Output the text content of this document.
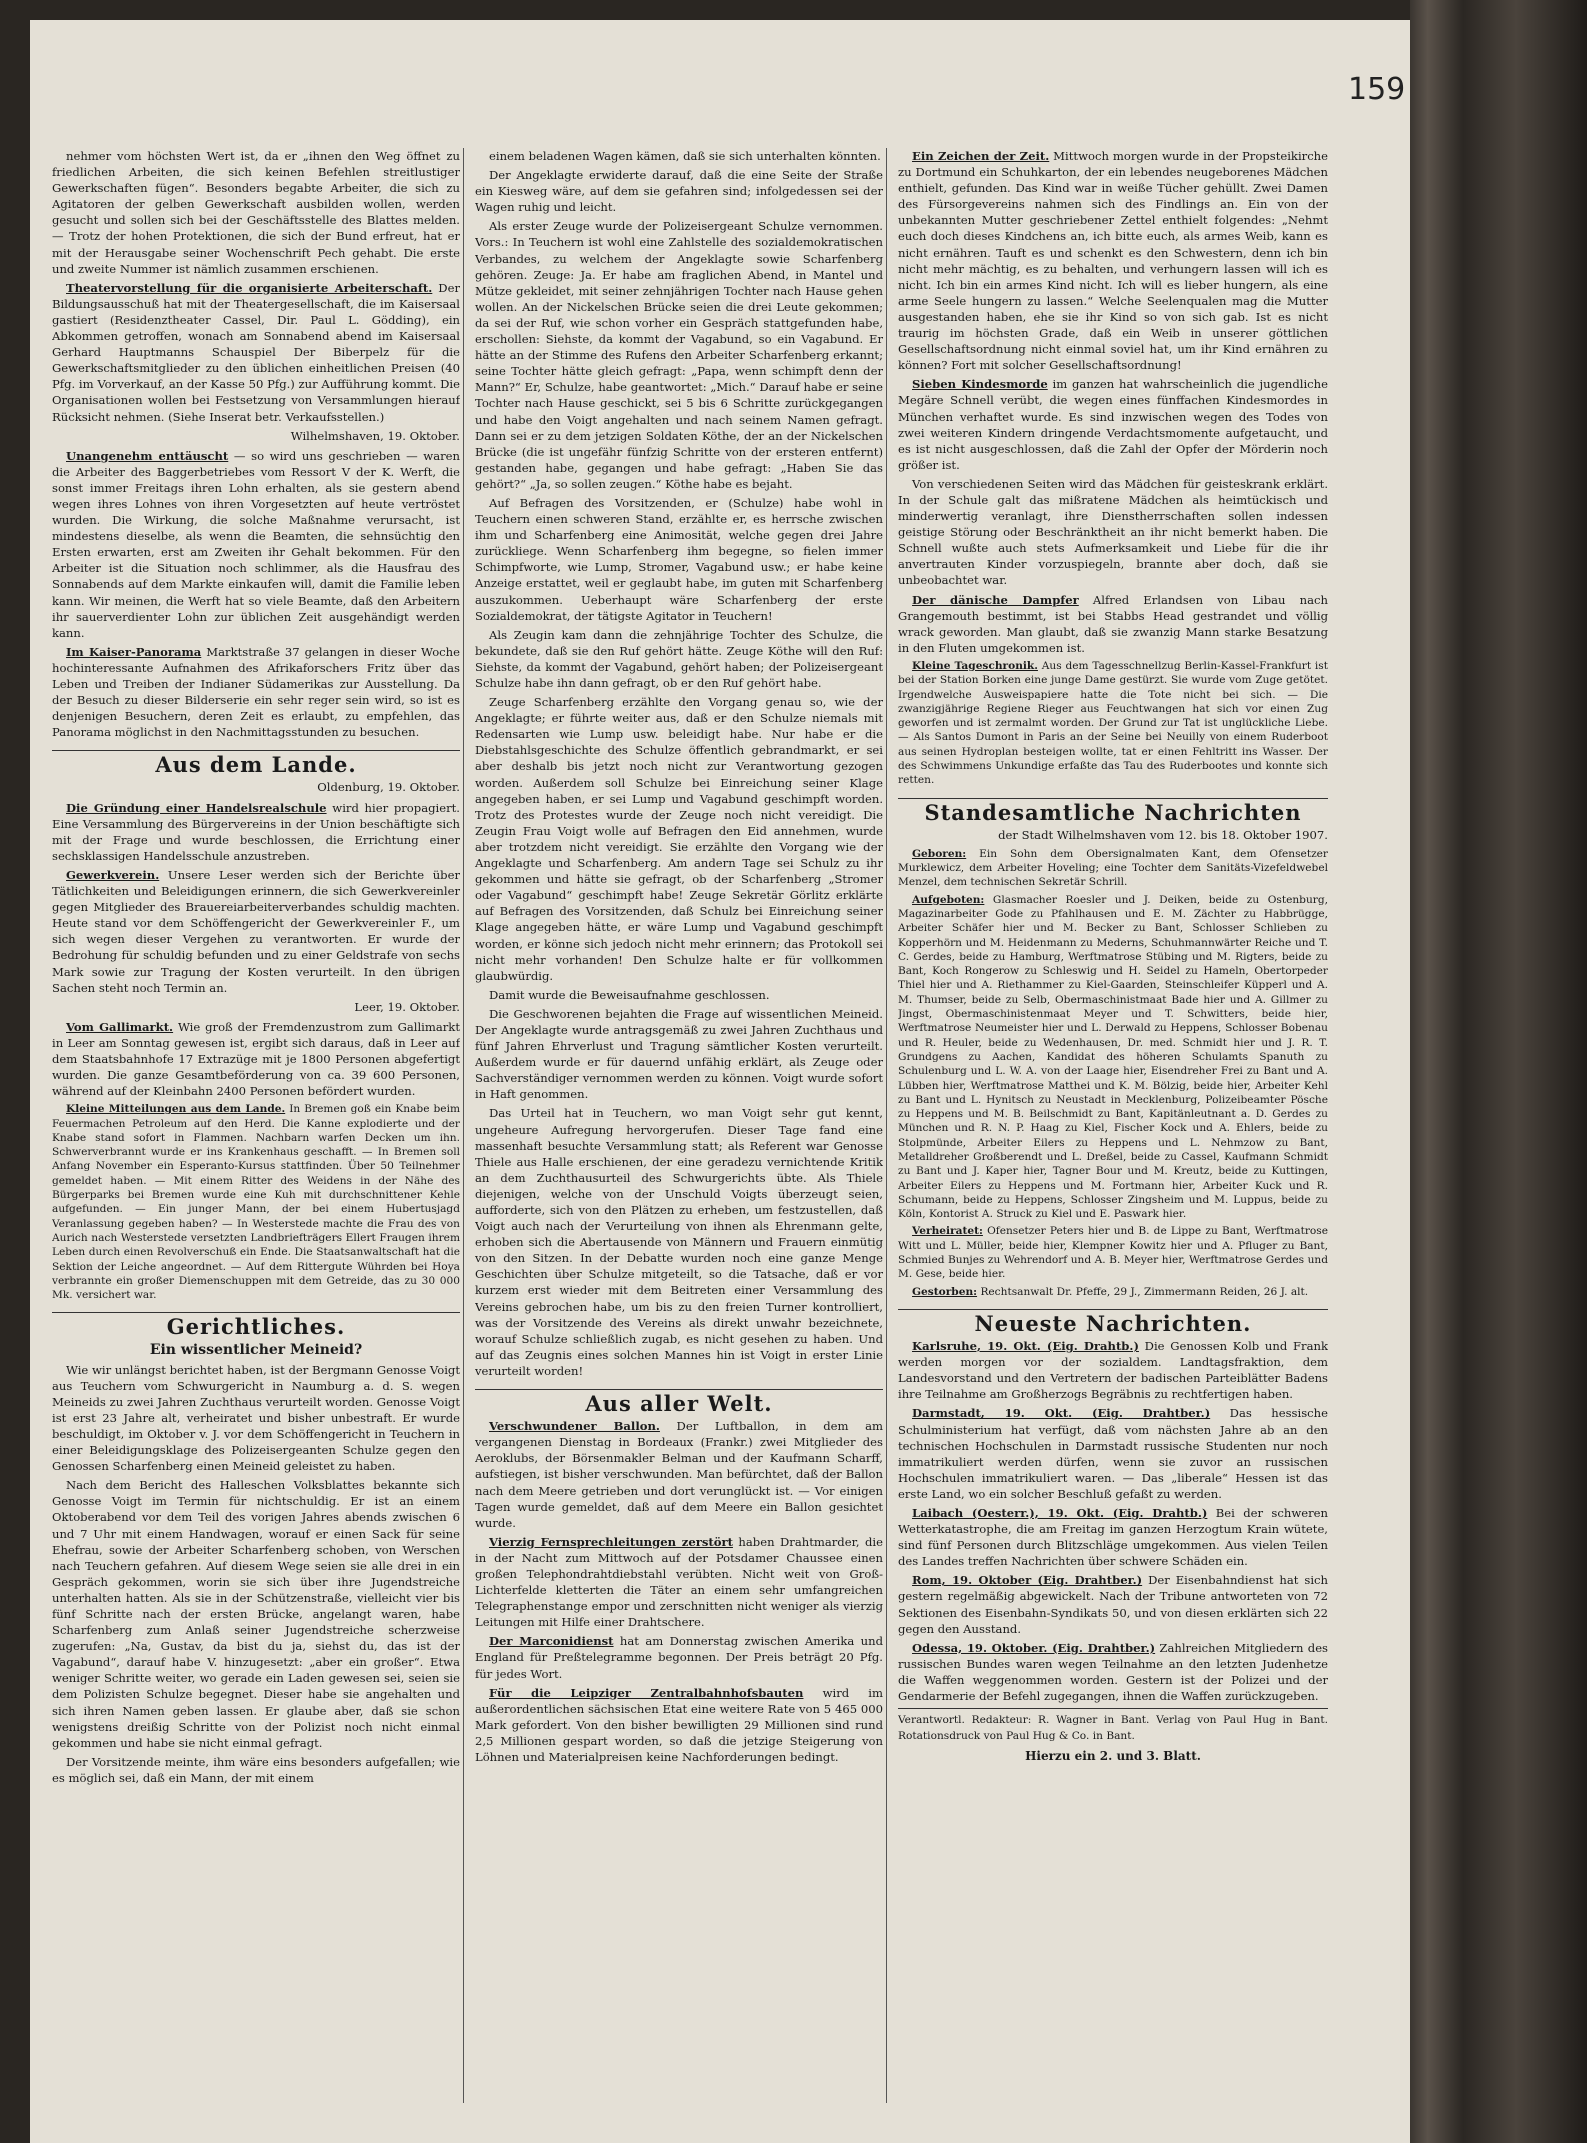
159

nehmer vom höchsten Wert ist, da er „ihnen den Weg öffnet zu friedlichen Arbeiten, die sich keinen Befehlen streitlustiger Gewerkschaften fügen“. Besonders begabte Arbeiter, die sich zu Agitatoren der gelben Gewerkschaft ausbilden wollen, werden gesucht und sollen sich bei der Geschäftsstelle des Blattes melden. — Trotz der hohen Protektionen, die sich der Bund erfreut, hat er mit der Herausgabe seiner Wochenschrift Pech gehabt. Die erste und zweite Nummer ist nämlich zusammen erschienen.

Theatervorstellung für die organisierte Arbeiterschaft. Der Bildungsausschuß hat mit der Theatergesellschaft, die im Kaisersaal gastiert (Residenztheater Cassel, Dir. Paul L. Gödding), ein Abkommen getroffen, wonach am Sonnabend abend im Kaisersaal Gerhard Hauptmanns Schauspiel Der Biberpelz für die Gewerkschaftsmitglieder zu den üblichen einheitlichen Preisen (40 Pfg. im Vorverkauf, an der Kasse 50 Pfg.) zur Aufführung kommt. Die Organisationen wollen bei Festsetzung von Versammlungen hierauf Rücksicht nehmen. (Siehe Inserat betr. Verkaufsstellen.)

Wilhelmshaven, 19. Oktober.

Unangenehm enttäuscht — so wird uns geschrieben — waren die Arbeiter des Baggerbetriebes vom Ressort V der K. Werft, die sonst immer Freitags ihren Lohn erhalten, als sie gestern abend wegen ihres Lohnes von ihren Vorgesetzten auf heute vertröstet wurden. Die Wirkung, die solche Maßnahme verursacht, ist mindestens dieselbe, als wenn die Beamten, die sehnsüchtig den Ersten erwarten, erst am Zweiten ihr Gehalt bekommen. Für den Arbeiter ist die Situation noch schlimmer, als die Hausfrau des Sonnabends auf dem Markte einkaufen will, damit die Familie leben kann. Wir meinen, die Werft hat so viele Beamte, daß den Arbeitern ihr sauerverdienter Lohn zur üblichen Zeit ausgehändigt werden kann.

Im Kaiser-Panorama Marktstraße 37 gelangen in dieser Woche hochinteressante Aufnahmen des Afrikaforschers Fritz über das Leben und Treiben der Indianer Südamerikas zur Ausstellung. Da der Besuch zu dieser Bilderserie ein sehr reger sein wird, so ist es denjenigen Besuchern, deren Zeit es erlaubt, zu empfehlen, das Panorama möglichst in den Nachmittagsstunden zu besuchen.

Aus dem Lande.
Oldenburg, 19. Oktober.

Die Gründung einer Handelsrealschule wird hier propagiert. Eine Versammlung des Bürgervereins in der Union beschäftigte sich mit der Frage und wurde beschlossen, die Errichtung einer sechsklassigen Handelsschule anzustreben.

Gewerkverein. Unsere Leser werden sich der Berichte über Tätlichkeiten und Beleidigungen erinnern, die sich Gewerkvereinler gegen Mitglieder des Brauereiarbeiterverbandes schuldig machten. Heute stand vor dem Schöffengericht der Gewerkvereinler F., um sich wegen dieser Vergehen zu verantworten. Er wurde der Bedrohung für schuldig befunden und zu einer Geldstrafe von sechs Mark sowie zur Tragung der Kosten verurteilt. In den übrigen Sachen steht noch Termin an.

Leer, 19. Oktober.

Vom Gallimarkt. Wie groß der Fremdenzustrom zum Gallimarkt in Leer am Sonntag gewesen ist, ergibt sich daraus, daß in Leer auf dem Staatsbahnhofe 17 Extrazüge mit je 1800 Personen abgefertigt wurden. Die ganze Gesamtbeförderung von ca. 39 600 Personen, während auf der Kleinbahn 2400 Personen befördert wurden.

Kleine Mitteilungen aus dem Lande. In Bremen goß ein Knabe beim Feuermachen Petroleum auf den Herd. Die Kanne explodierte und der Knabe stand sofort in Flammen. Nachbarn warfen Decken um ihn. Schwerverbrannt wurde er ins Krankenhaus geschafft. — In Bremen soll Anfang November ein Esperanto-Kursus stattfinden. Über 50 Teilnehmer gemeldet haben. — Mit einem Ritter des Weidens in der Nähe des Bürgerparks bei Bremen wurde eine Kuh mit durchschnittener Kehle aufgefunden. — Ein junger Mann, der bei einem Hubertusjagd Veranlassung gegeben haben? — In Westerstede machte die Frau des von Aurich nach Westerstede versetzten Landbriefträgers Ellert Fraugen ihrem Leben durch einen Revolverschuß ein Ende. Die Staatsanwaltschaft hat die Sektion der Leiche angeordnet. — Auf dem Rittergute Wührden bei Hoya verbrannte ein großer Diemenschuppen mit dem Getreide, das zu 30 000 Mk. versichert war.

Gerichtliches.
Ein wissentlicher Meineid?

Wie wir unlängst berichtet haben, ist der Bergmann Genosse Voigt aus Teuchern vom Schwurgericht in Naumburg a. d. S. wegen Meineids zu zwei Jahren Zuchthaus verurteilt worden. Genosse Voigt ist erst 23 Jahre alt, verheiratet und bisher unbestraft. Er wurde beschuldigt, im Oktober v. J. vor dem Schöffengericht in Teuchern in einer Beleidigungsklage des Polizeisergeanten Schulze gegen den Genossen Scharfenberg einen Meineid geleistet zu haben.

Nach dem Bericht des Halleschen Volksblattes bekannte sich Genosse Voigt im Termin für nichtschuldig. Er ist an einem Oktoberabend vor dem Teil des vorigen Jahres abends zwischen 6 und 7 Uhr mit einem Handwagen, worauf er einen Sack für seine Ehefrau, sowie der Arbeiter Scharfenberg schoben, von Werschen nach Teuchern gefahren. Auf diesem Wege seien sie alle drei in ein Gespräch gekommen, worin sie sich über ihre Jugendstreiche unterhalten hatten. Als sie in der Schützenstraße, vielleicht vier bis fünf Schritte nach der ersten Brücke, angelangt waren, habe Scharfenberg zum Anlaß seiner Jugendstreiche scherzweise zugerufen: „Na, Gustav, da bist du ja, siehst du, das ist der Vagabund“, darauf habe V. hinzugesetzt: „aber ein großer“. Etwa weniger Schritte weiter, wo gerade ein Laden gewesen sei, seien sie dem Polizisten Schulze begegnet. Dieser habe sie angehalten und sich ihren Namen geben lassen. Er glaube aber, daß sie schon wenigstens dreißig Schritte von der Polizist noch nicht einmal gekommen und habe sie nicht einmal gefragt.

Der Vorsitzende meinte, ihm wäre eins besonders aufgefallen; wie es möglich sei, daß ein Mann, der mit einem

einem beladenen Wagen kämen, daß sie sich unterhalten könnten.

Der Angeklagte erwiderte darauf, daß die eine Seite der Straße ein Kiesweg wäre, auf dem sie gefahren sind; infolgedessen sei der Wagen ruhig und leicht.

Als erster Zeuge wurde der Polizeisergeant Schulze vernommen. Vors.: In Teuchern ist wohl eine Zahlstelle des sozialdemokratischen Verbandes, zu welchem der Angeklagte sowie Scharfenberg gehören. Zeuge: Ja. Er habe am fraglichen Abend, in Mantel und Mütze gekleidet, mit seiner zehnjährigen Tochter nach Hause gehen wollen. An der Nickelschen Brücke seien die drei Leute gekommen; da sei der Ruf, wie schon vorher ein Gespräch stattgefunden habe, erschollen: Siehste, da kommt der Vagabund, so ein Vagabund. Er hätte an der Stimme des Rufens den Arbeiter Scharfenberg erkannt; seine Tochter hätte gleich gefragt: „Papa, wenn schimpft denn der Mann?“ Er, Schulze, habe geantwortet: „Mich.“ Darauf habe er seine Tochter nach Hause geschickt, sei 5 bis 6 Schritte zurückgegangen und habe den Voigt angehalten und nach seinem Namen gefragt. Dann sei er zu dem jetzigen Soldaten Köthe, der an der Nickelschen Brücke (die ist ungefähr fünfzig Schritte von der ersteren entfernt) gestanden habe, gegangen und habe gefragt: „Haben Sie das gehört?“ „Ja, so sollen zeugen.“ Köthe habe es bejaht.

Auf Befragen des Vorsitzenden, er (Schulze) habe wohl in Teuchern einen schweren Stand, erzählte er, es herrsche zwischen ihm und Scharfenberg eine Animosität, welche gegen drei Jahre zurückliege. Wenn Scharfenberg ihm begegne, so fielen immer Schimpfworte, wie Lump, Stromer, Vagabund usw.; er habe keine Anzeige erstattet, weil er geglaubt habe, im guten mit Scharfenberg auszukommen. Ueberhaupt wäre Scharfenberg der erste Sozialdemokrat, der tätigste Agitator in Teuchern!

Als Zeugin kam dann die zehnjährige Tochter des Schulze, die bekundete, daß sie den Ruf gehört hätte. Zeuge Köthe will den Ruf: Siehste, da kommt der Vagabund, gehört haben; der Polizeisergeant Schulze habe ihn dann gefragt, ob er den Ruf gehört habe.

Zeuge Scharfenberg erzählte den Vorgang genau so, wie der Angeklagte; er führte weiter aus, daß er den Schulze niemals mit Redensarten wie Lump usw. beleidigt habe. Nur habe er die Diebstahlsgeschichte des Schulze öffentlich gebrandmarkt, er sei aber deshalb bis jetzt noch nicht zur Verantwortung gezogen worden. Außerdem soll Schulze bei Einreichung seiner Klage angegeben haben, er sei Lump und Vagabund geschimpft worden. Trotz des Protestes wurde der Zeuge noch nicht vereidigt. Die Zeugin Frau Voigt wolle auf Befragen den Eid annehmen, wurde aber trotzdem nicht vereidigt. Sie erzählte den Vorgang wie der Angeklagte und Scharfenberg. Am andern Tage sei Schulz zu ihr gekommen und hätte sie gefragt, ob der Scharfenberg „Stromer oder Vagabund“ geschimpft habe! Zeuge Sekretär Görlitz erklärte auf Befragen des Vorsitzenden, daß Schulz bei Einreichung seiner Klage angegeben hätte, er wäre Lump und Vagabund geschimpft worden, er könne sich jedoch nicht mehr erinnern; das Protokoll sei nicht mehr vorhanden! Den Schulze halte er für vollkommen glaubwürdig.

Damit wurde die Beweisaufnahme geschlossen.

Die Geschworenen bejahten die Frage auf wissentlichen Meineid. Der Angeklagte wurde antragsgemäß zu zwei Jahren Zuchthaus und fünf Jahren Ehrverlust und Tragung sämtlicher Kosten verurteilt. Außerdem wurde er für dauernd unfähig erklärt, als Zeuge oder Sachverständiger vernommen werden zu können. Voigt wurde sofort in Haft genommen.

Das Urteil hat in Teuchern, wo man Voigt sehr gut kennt, ungeheure Aufregung hervorgerufen. Dieser Tage fand eine massenhaft besuchte Versammlung statt; als Referent war Genosse Thiele aus Halle erschienen, der eine geradezu vernichtende Kritik an dem Zuchthausurteil des Schwurgerichts übte. Als Thiele diejenigen, welche von der Unschuld Voigts überzeugt seien, aufforderte, sich von den Plätzen zu erheben, um festzustellen, daß Voigt auch nach der Verurteilung von ihnen als Ehrenmann gelte, erhoben sich die Abertausende von Männern und Frauern einmütig von den Sitzen. In der Debatte wurden noch eine ganze Menge Geschichten über Schulze mitgeteilt, so die Tatsache, daß er vor kurzem erst wieder mit dem Beitreten einer Versammlung des Vereins gebrochen habe, um bis zu den freien Turner kontrolliert, was der Vorsitzende des Vereins als direkt unwahr bezeichnete, worauf Schulze schließlich zugab, es nicht gesehen zu haben. Und auf das Zeugnis eines solchen Mannes hin ist Voigt in erster Linie verurteilt worden!

Aus aller Welt.

Verschwundener Ballon. Der Luftballon, in dem am vergangenen Dienstag in Bordeaux (Frankr.) zwei Mitglieder des Aeroklubs, der Börsenmakler Belman und der Kaufmann Scharff, aufstiegen, ist bisher verschwunden. Man befürchtet, daß der Ballon nach dem Meere getrieben und dort verunglückt ist. — Vor einigen Tagen wurde gemeldet, daß auf dem Meere ein Ballon gesichtet wurde.

Vierzig Fernsprechleitungen zerstört haben Drahtmarder, die in der Nacht zum Mittwoch auf der Potsdamer Chaussee einen großen Telephondrahtdiebstahl verübten. Nicht weit von Groß-Lichterfelde kletterten die Täter an einem sehr umfangreichen Telegraphenstange empor und zerschnitten nicht weniger als vierzig Leitungen mit Hilfe einer Drahtschere.

Der Marconidienst hat am Donnerstag zwischen Amerika und England für Preßtelegramme begonnen. Der Preis beträgt 20 Pfg. für jedes Wort.

Für die Leipziger Zentralbahnhofsbauten wird im außerordentlichen sächsischen Etat eine weitere Rate von 5 465 000 Mark gefordert. Von den bisher bewilligten 29 Millionen sind rund 2,5 Millionen gespart worden, so daß die jetzige Steigerung von Löhnen und Materialpreisen keine Nachforderungen bedingt.

Ein Zeichen der Zeit. Mittwoch morgen wurde in der Propsteikirche zu Dortmund ein Schuhkarton, der ein lebendes neugeborenes Mädchen enthielt, gefunden. Das Kind war in weiße Tücher gehüllt. Zwei Damen des Fürsorgevereins nahmen sich des Findlings an. Ein von der unbekannten Mutter geschriebener Zettel enthielt folgendes: „Nehmt euch doch dieses Kindchens an, ich bitte euch, als armes Weib, kann es nicht ernähren. Tauft es und schenkt es den Schwestern, denn ich bin nicht mehr mächtig, es zu behalten, und verhungern lassen will ich es nicht. Ich bin ein armes Kind nicht. Ich will es lieber hungern, als eine arme Seele hungern zu lassen.“ Welche Seelenqualen mag die Mutter ausgestanden haben, ehe sie ihr Kind so von sich gab. Ist es nicht traurig im höchsten Grade, daß ein Weib in unserer göttlichen Gesellschaftsordnung nicht einmal soviel hat, um ihr Kind ernähren zu können? Fort mit solcher Gesellschaftsordnung!

Sieben Kindesmorde im ganzen hat wahrscheinlich die jugendliche Megäre Schnell verübt, die wegen eines fünffachen Kindesmordes in München verhaftet wurde. Es sind inzwischen wegen des Todes von zwei weiteren Kindern dringende Verdachtsmomente aufgetaucht, und es ist nicht ausgeschlossen, daß die Zahl der Opfer der Mörderin noch größer ist.

Von verschiedenen Seiten wird das Mädchen für geisteskrank erklärt. In der Schule galt das mißratene Mädchen als heimtückisch und minderwertig veranlagt, ihre Dienstherrschaften sollen indessen geistige Störung oder Beschränktheit an ihr nicht bemerkt haben. Die Schnell wußte auch stets Aufmerksamkeit und Liebe für die ihr anvertrauten Kinder vorzuspiegeln, brannte aber doch, daß sie unbeobachtet war.

Der dänische Dampfer Alfred Erlandsen von Libau nach Grangemouth bestimmt, ist bei Stabbs Head gestrandet und völlig wrack geworden. Man glaubt, daß sie zwanzig Mann starke Besatzung in den Fluten umgekommen ist.

Kleine Tageschronik. Aus dem Tagesschnellzug Berlin-Kassel-Frankfurt ist bei der Station Borken eine junge Dame gestürzt. Sie wurde vom Zuge getötet. Irgendwelche Ausweispapiere hatte die Tote nicht bei sich. — Die zwanzigjährige Regiene Rieger aus Feuchtwangen hat sich vor einen Zug geworfen und ist zermalmt worden. Der Grund zur Tat ist unglückliche Liebe. — Als Santos Dumont in Paris an der Seine bei Neuilly von einem Ruderboot aus seinen Hydroplan besteigen wollte, tat er einen Fehltritt ins Wasser. Der des Schwimmens Unkundige erfaßte das Tau des Ruderbootes und konnte sich retten.

Standesamtliche Nachrichten
der Stadt Wilhelmshaven vom 12. bis 18. Oktober 1907.

Geboren: Ein Sohn dem Obersignalmaten Kant, dem Ofensetzer Murklewicz, dem Arbeiter Hoveling; eine Tochter dem Sanitäts-Vizefeldwebel Menzel, dem technischen Sekretär Schrill.

Aufgeboten: Glasmacher Roesler und J. Deiken, beide zu Ostenburg, Magazinarbeiter Gode zu Pfahlhausen und E. M. Zächter zu Habbrügge, Arbeiter Schäfer hier und M. Becker zu Bant, Schlosser Schlieben zu Kopperhörn und M. Heidenmann zu Mederns, Schuhmannwärter Reiche und T. C. Gerdes, beide zu Hamburg, Werftmatrose Stübing und M. Rigters, beide zu Bant, Koch Rongerow zu Schleswig und H. Seidel zu Hameln, Obertorpeder Thiel hier und A. Riethammer zu Kiel-Gaarden, Steinschleifer Küpperl und A. M. Thumser, beide zu Selb, Obermaschinistmaat Bade hier und A. Gillmer zu Jingst, Obermaschinistenmaat Meyer und T. Schwitters, beide hier, Werftmatrose Neumeister hier und L. Derwald zu Heppens, Schlosser Bobenau und R. Heuler, beide zu Wedenhausen, Dr. med. Schmidt hier und J. R. T. Grundgens zu Aachen, Kandidat des höheren Schulamts Spanuth zu Schulenburg und L. W. A. von der Laage hier, Eisendreher Frei zu Bant und A. Lübben hier, Werftmatrose Matthei und K. M. Bölzig, beide hier, Arbeiter Kehl zu Bant und L. Hynitsch zu Neustadt in Mecklenburg, Polizeibeamter Pösche zu Heppens und M. B. Beilschmidt zu Bant, Kapitänleutnant a. D. Gerdes zu München und R. N. P. Haag zu Kiel, Fischer Kock und A. Ehlers, beide zu Stolpmünde, Arbeiter Eilers zu Heppens und L. Nehmzow zu Bant, Metalldreher Großberendt und L. Dreßel, beide zu Cassel, Kaufmann Schmidt zu Bant und J. Kaper hier, Tagner Bour und M. Kreutz, beide zu Kuttingen, Arbeiter Eilers zu Heppens und M. Fortmann hier, Arbeiter Kuck und R. Schumann, beide zu Heppens, Schlosser Zingsheim und M. Luppus, beide zu Köln, Kontorist A. Struck zu Kiel und E. Paswark hier.

Verheiratet: Ofensetzer Peters hier und B. de Lippe zu Bant, Werftmatrose Witt und L. Müller, beide hier, Klempner Kowitz hier und A. Pfluger zu Bant, Schmied Bunjes zu Wehrendorf und A. B. Meyer hier, Werftmatrose Gerdes und M. Gese, beide hier.

Gestorben: Rechtsanwalt Dr. Pfeffe, 29 J., Zimmermann Reiden, 26 J. alt.

Neueste Nachrichten.

Karlsruhe, 19. Okt. (Eig. Drahtb.) Die Genossen Kolb und Frank werden morgen vor der sozialdem. Landtagsfraktion, dem Landesvorstand und den Vertretern der badischen Parteiblätter Badens ihre Teilnahme am Großherzogs Begräbnis zu rechtfertigen haben.

Darmstadt, 19. Okt. (Eig. Drahtber.) Das hessische Schulministerium hat verfügt, daß vom nächsten Jahre ab an den technischen Hochschulen in Darmstadt russische Studenten nur noch immatrikuliert werden dürfen, wenn sie zuvor an russischen Hochschulen immatrikuliert waren. — Das „liberale“ Hessen ist das erste Land, wo ein solcher Beschluß gefaßt zu werden.

Laibach (Oesterr.), 19. Okt. (Eig. Drahtb.) Bei der schweren Wetterkatastrophe, die am Freitag im ganzen Herzogtum Krain wütete, sind fünf Personen durch Blitzschläge umgekommen. Aus vielen Teilen des Landes treffen Nachrichten über schwere Schäden ein.

Rom, 19. Oktober (Eig. Drahtber.) Der Eisenbahndienst hat sich gestern regelmäßig abgewickelt. Nach der Tribune antworteten von 72 Sektionen des Eisenbahn-Syndikats 50, und von diesen erklärten sich 22 gegen den Ausstand.

Odessa, 19. Oktober. (Eig. Drahtber.) Zahlreichen Mitgliedern des russischen Bundes waren wegen Teilnahme an den letzten Judenhetze die Waffen weggenommen worden. Gestern ist der Polizei und der Gendarmerie der Befehl zugegangen, ihnen die Waffen zurückzugeben.

Verantwortl. Redakteur: R. Wagner in Bant. Verlag von Paul Hug in Bant. Rotationsdruck von Paul Hug & Co. in Bant.
Hierzu ein 2. und 3. Blatt.
